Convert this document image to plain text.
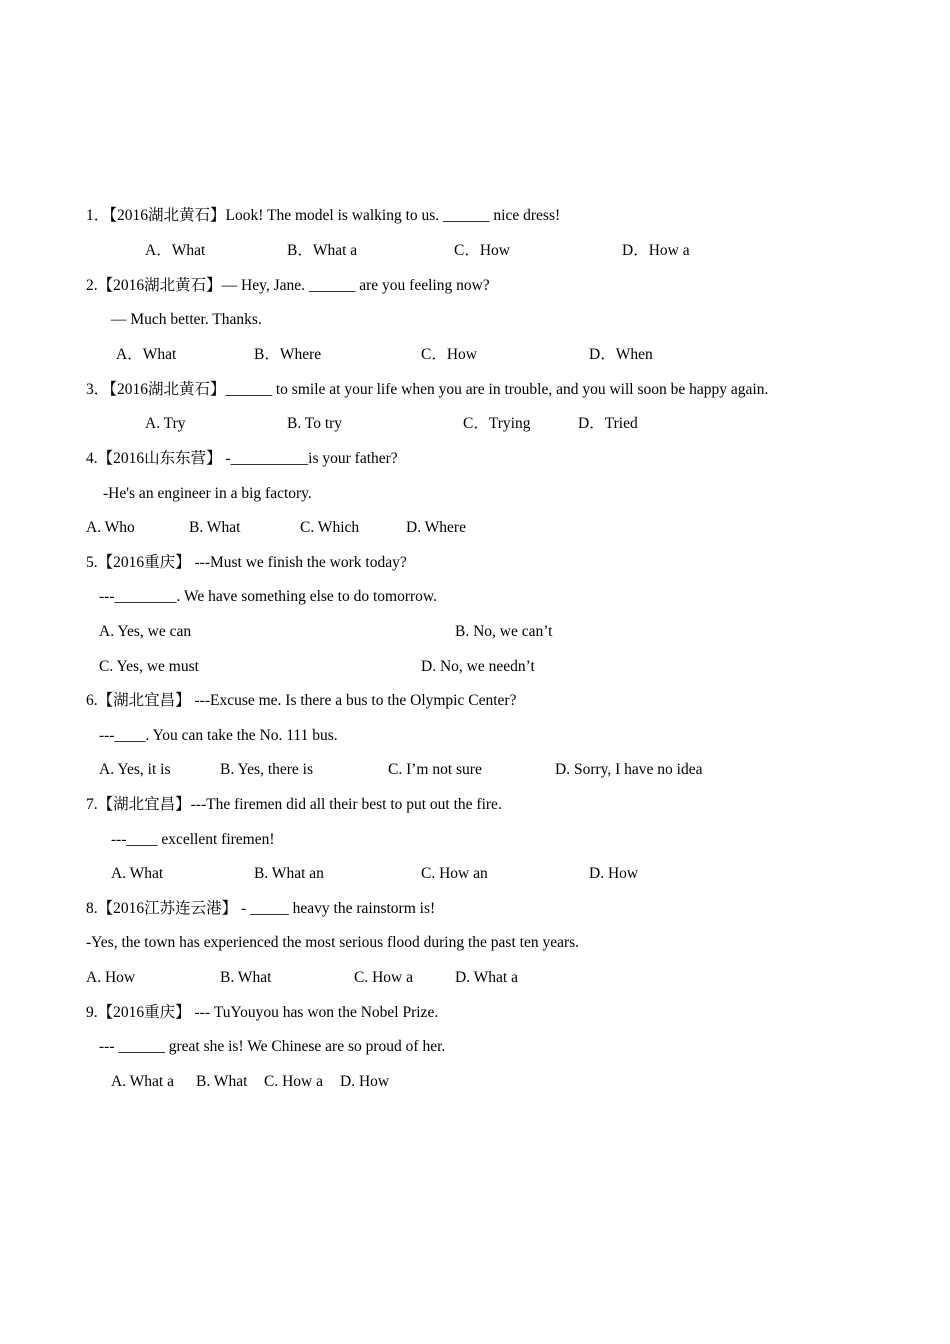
1．【2016湖北黄石】Look! The model is walking to us. ______ nice dress!

A．What

	B．What a

	C．How

	D．How a

2.【2016湖北黄石】— Hey, Jane. ______ are you feeling now?

— Much better. Thanks.

A．What

	B．Where

	C．How

	D．When

3．【2016湖北黄石】______ to smile at your life when you are in trouble, and you will soon be happy again.

A. Try

	B. To try

	C．Trying

	D．Tried

4.【2016山东东营】 -__________is your father?

-He's an engineer in a big factory.

A. Who

	B. What

	C. Which

	D. Where

5.【2016重庆】 ---Must we finish the work today?

---________. We have something else to do tomorrow.

A. Yes, we can

	B. No, we can’t

C. Yes, we must

	D. No, we needn’t

6.【湖北宜昌】 ---Excuse me. Is there a bus to the Olympic Center?

---____. You can take the No. 111 bus.

A. Yes, it is

	B. Yes, there is

	C. I’m not sure

	D. Sorry, I have no idea

7.【湖北宜昌】---The firemen did all their best to put out the fire.

---____ excellent firemen!

A. What

	B. What an

	C. How an

	D. How

8.【2016江苏连云港】 - _____ heavy the rainstorm is!

-Yes, the town has experienced the most serious flood during the past ten years.

A. How

	B. What

	C. How a

	D. What a

9.【2016重庆】 --- TuYouyou has won the Nobel Prize.

--- ______ great she is! We Chinese are so proud of her.

A. What a

B. What

C. How a

D. How
